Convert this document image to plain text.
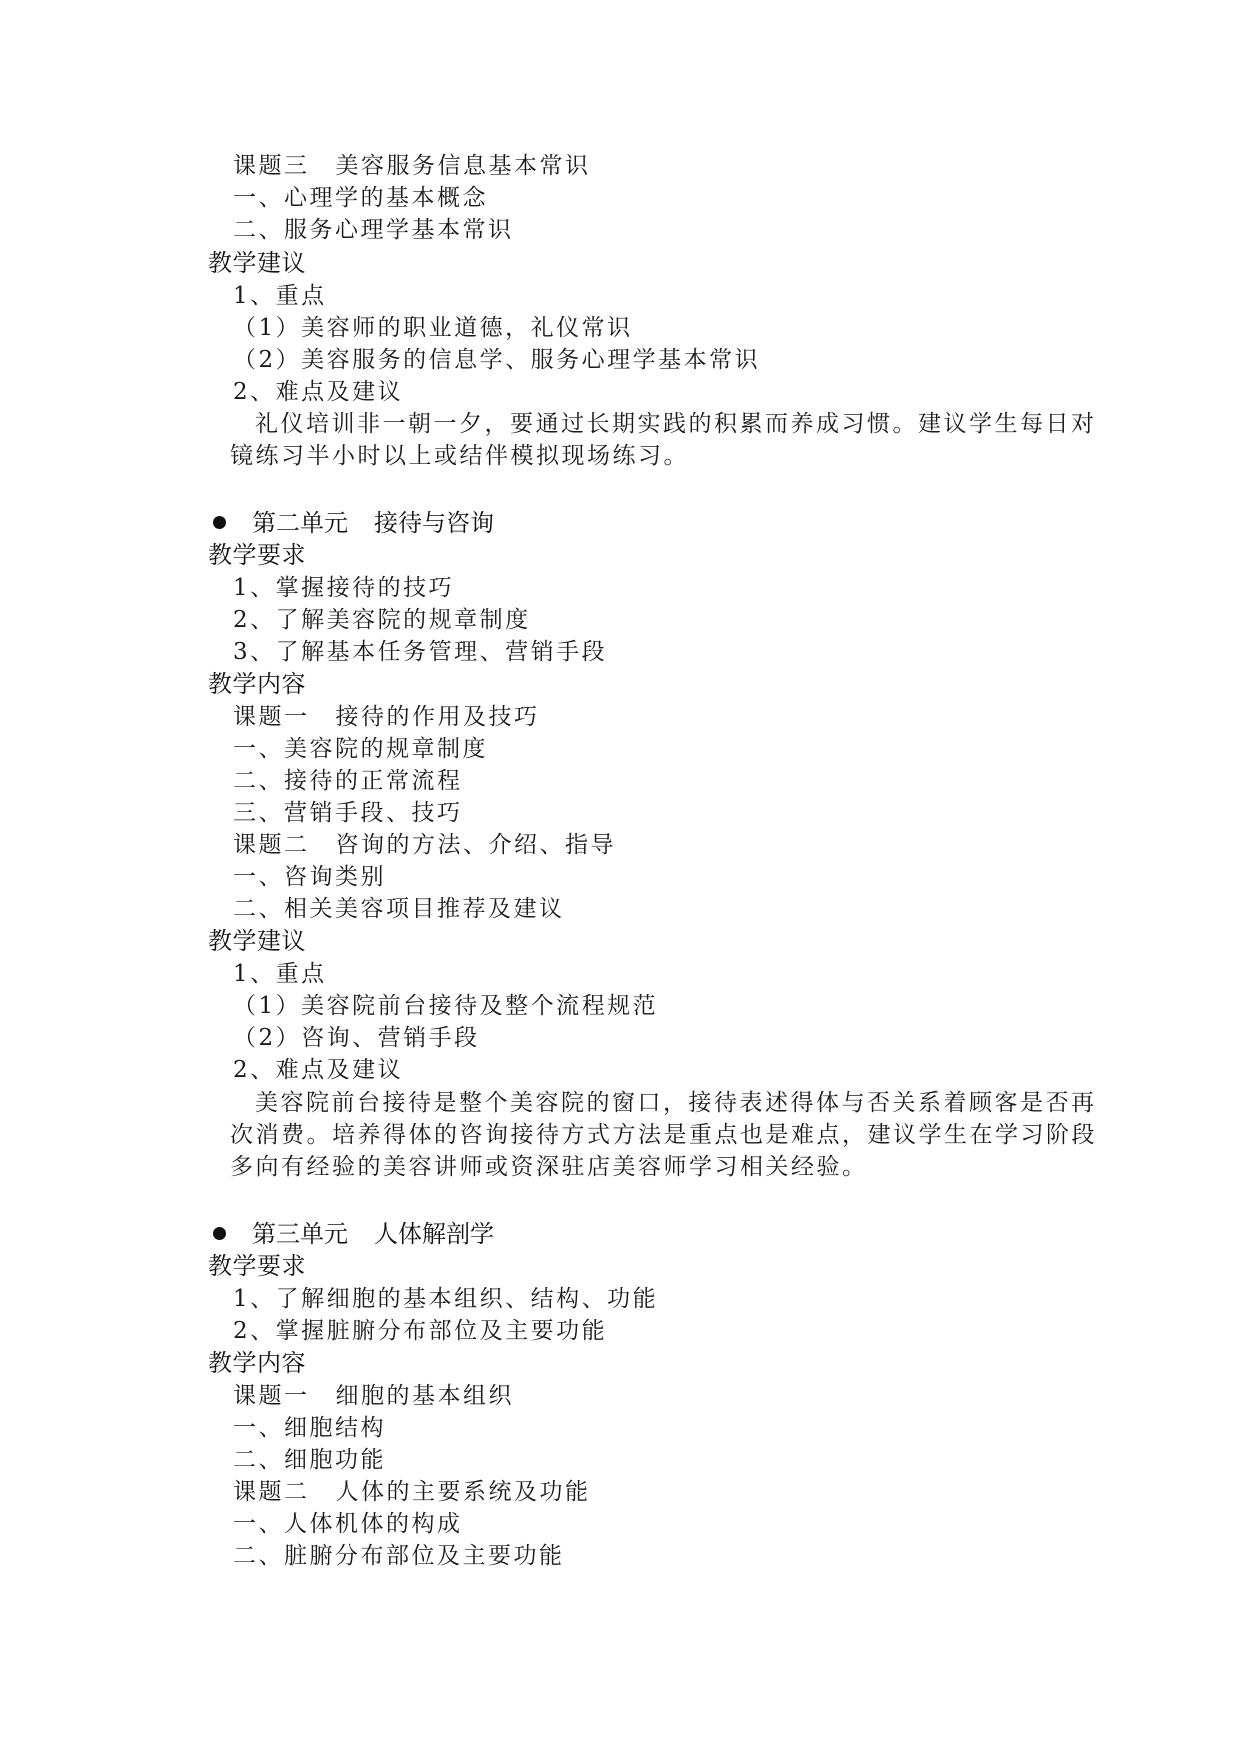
课题三 美容服务信息基本常识
一、心理学的基本概念
二、服务心理学基本常识
教学建议
1、重点
（1）美容师的职业道德，礼仪常识
（2）美容服务的信息学、服务心理学基本常识
2、难点及建议
礼仪培训非一朝一夕，要通过长期实践的积累而养成习惯。建议学生每日对
镜练习半小时以上或结伴模拟现场练习。
第二单元 接待与咨询
教学要求
1、掌握接待的技巧
2、了解美容院的规章制度
3、了解基本任务管理、营销手段
教学内容
课题一 接待的作用及技巧
一、美容院的规章制度
二、接待的正常流程
三、营销手段、技巧
课题二 咨询的方法、介绍、指导
一、咨询类别
二、相关美容项目推荐及建议
教学建议
1、重点
（1）美容院前台接待及整个流程规范
（2）咨询、营销手段
2、难点及建议
美容院前台接待是整个美容院的窗口，接待表述得体与否关系着顾客是否再
次消费。培养得体的咨询接待方式方法是重点也是难点，建议学生在学习阶段
多向有经验的美容讲师或资深驻店美容师学习相关经验。
第三单元 人体解剖学
教学要求
1、了解细胞的基本组织、结构、功能
2、掌握脏腑分布部位及主要功能
教学内容
课题一 细胞的基本组织
一、细胞结构
二、细胞功能
课题二 人体的主要系统及功能
一、人体机体的构成
二、脏腑分布部位及主要功能
